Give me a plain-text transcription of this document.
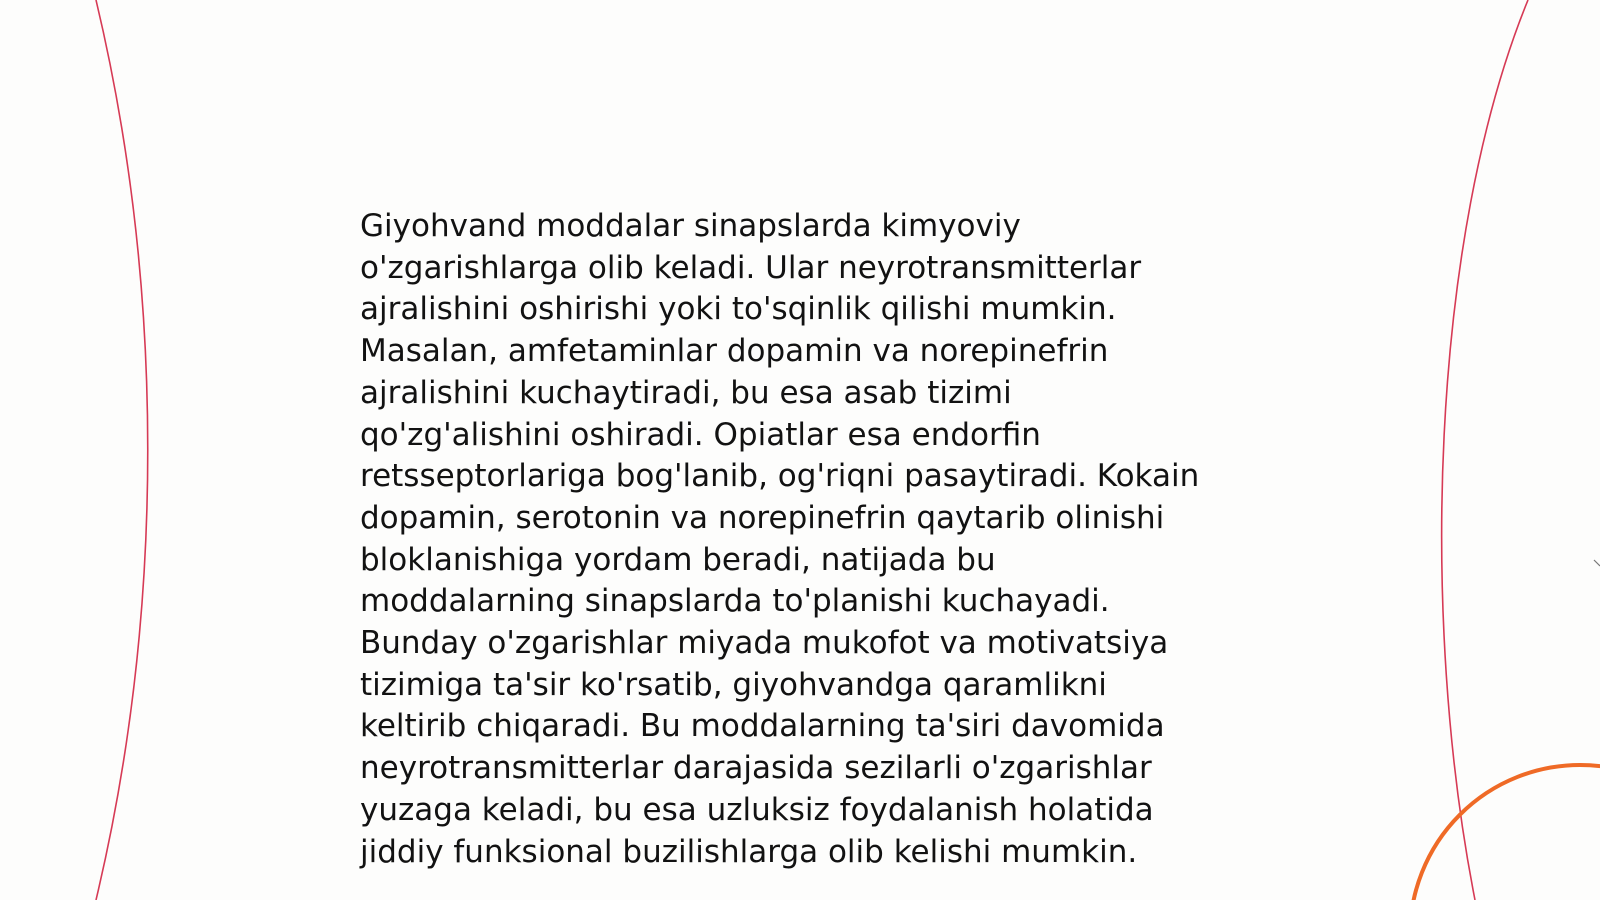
Giyohvand moddalar sinapslarda kimyoviy
o'zgarishlarga olib keladi. Ular neyrotransmitterlar
ajralishini oshirishi yoki to'sqinlik qilishi mumkin.
Masalan, amfetaminlar dopamin va norepinefrin
ajralishini kuchaytiradi, bu esa asab tizimi
qo'zg'alishini oshiradi. Opiatlar esa endorfin
retsseptorlariga bog'lanib, og'riqni pasaytiradi. Kokain
dopamin, serotonin va norepinefrin qaytarib olinishi
bloklanishiga yordam beradi, natijada bu
moddalarning sinapslarda to'planishi kuchayadi.
Bunday o'zgarishlar miyada mukofot va motivatsiya
tizimiga ta'sir ko'rsatib, giyohvandga qaramlikni
keltirib chiqaradi. Bu moddalarning ta'siri davomida
neyrotransmitterlar darajasida sezilarli o'zgarishlar
yuzaga keladi, bu esa uzluksiz foydalanish holatida
jiddiy funksional buzilishlarga olib kelishi mumkin.
